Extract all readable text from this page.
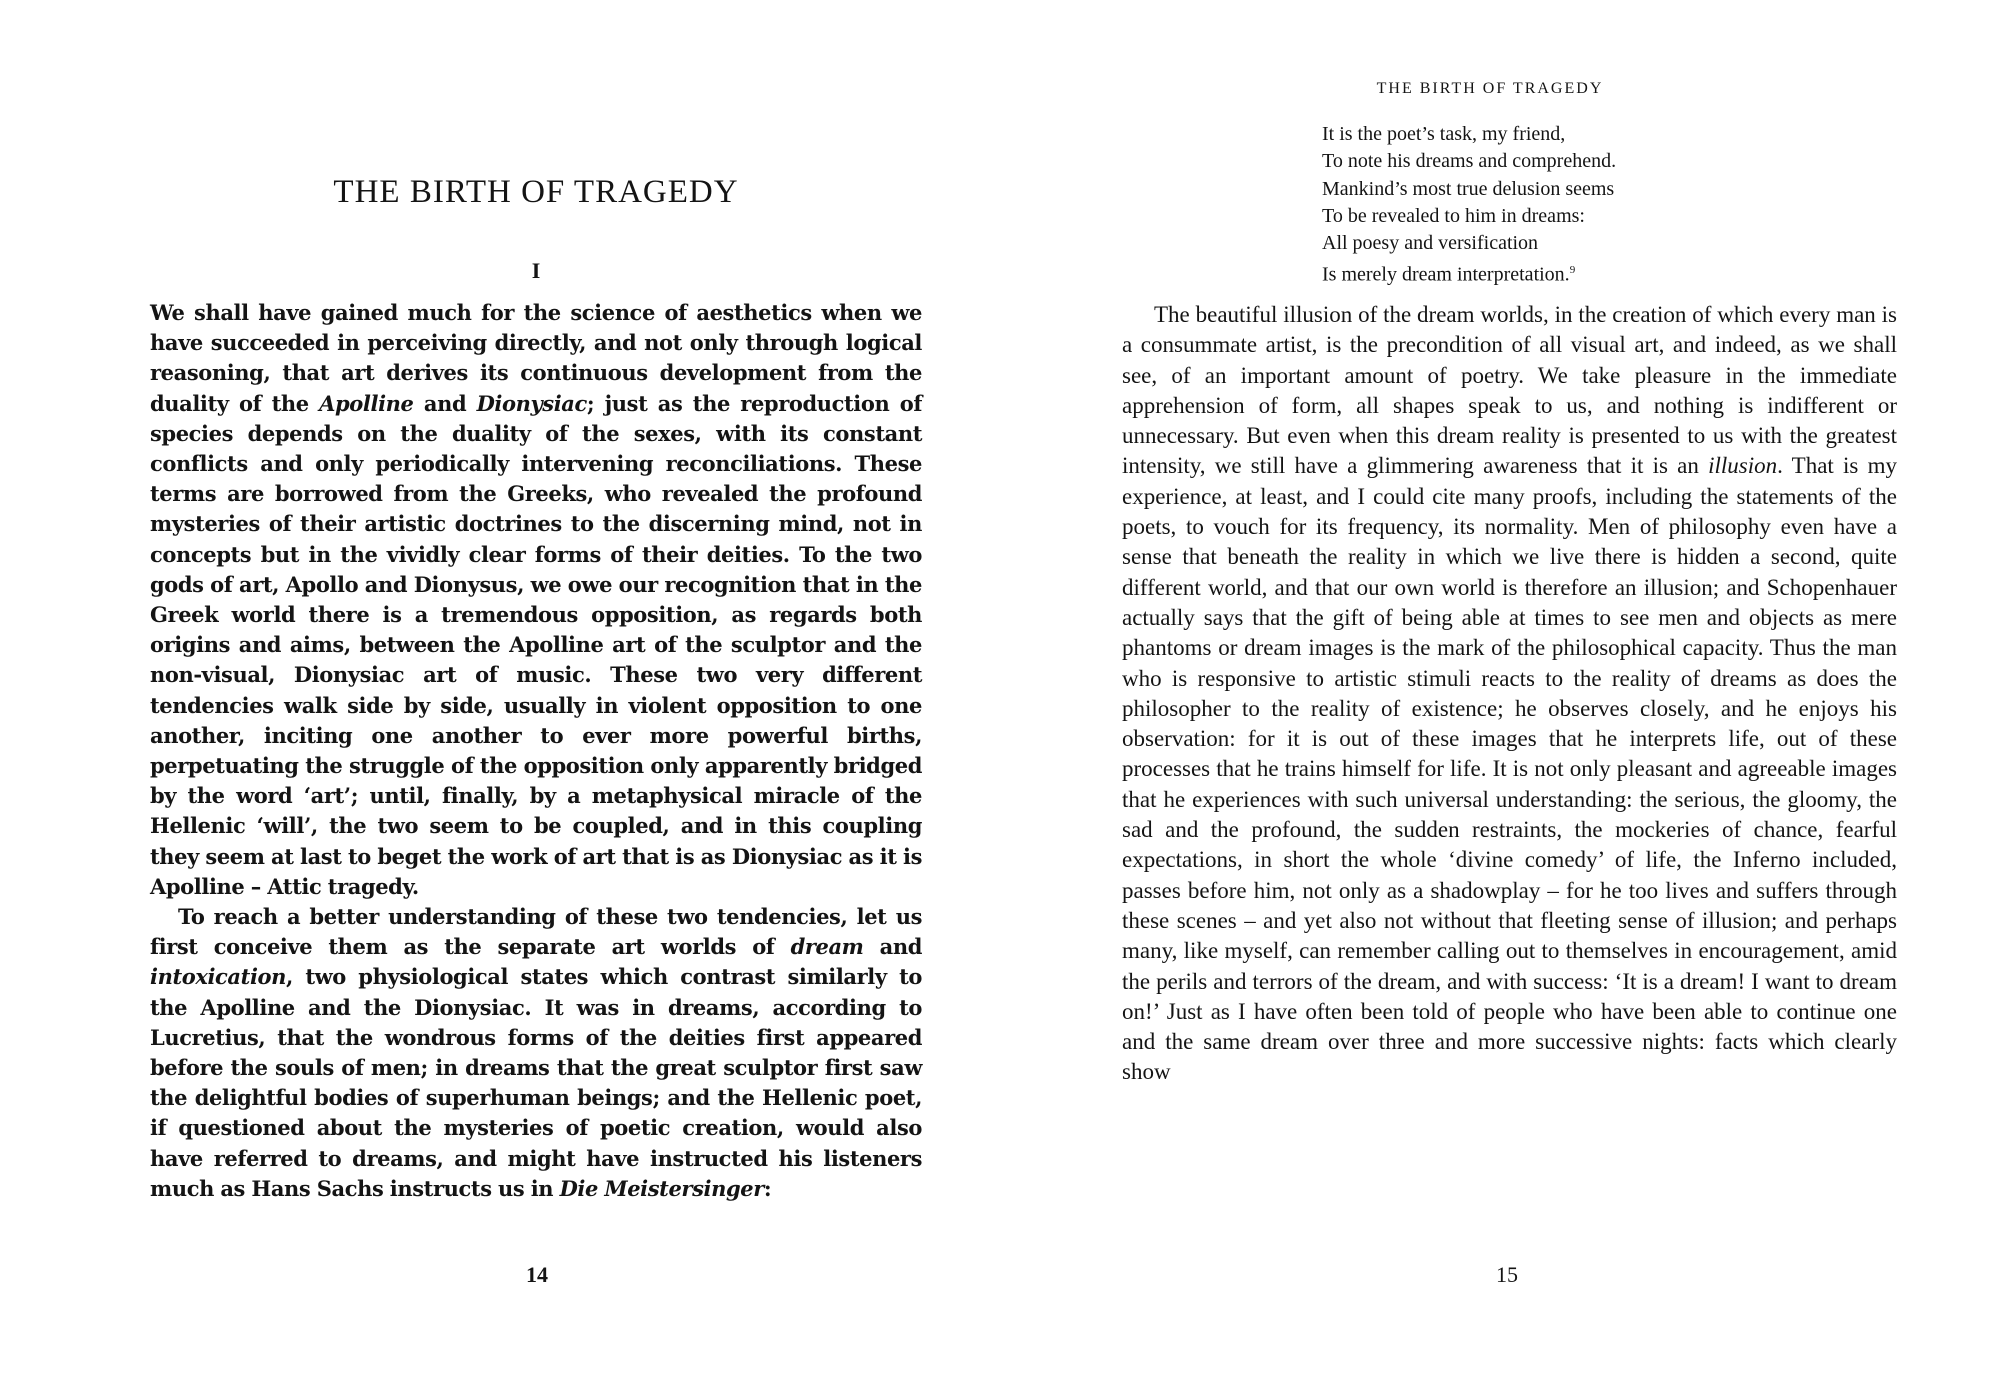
THE BIRTH OF TRAGEDY
I

We shall have gained much for the science of aesthetics when we have succeeded in perceiving directly, and not only through logical reasoning, that art derives its continuous development from the duality of the Apolline and Dionysiac; just as the reproduction of species depends on the duality of the sexes, with its constant conflicts and only periodically intervening reconciliations. These terms are borrowed from the Greeks, who revealed the profound mysteries of their artistic doctrines to the discerning mind, not in concepts but in the vividly clear forms of their deities. To the two gods of art, Apollo and Dionysus, we owe our recognition that in the Greek world there is a tremendous opposition, as regards both origins and aims, between the Apolline art of the sculptor and the non-visual, Dionysiac art of music. These two very different tendencies walk side by side, usually in violent opposition to one another, inciting one another to ever more powerful births, perpetuating the struggle of the opposition only apparently bridged by the word ‘art’; until, finally, by a metaphysical miracle of the Hellenic ‘will’, the two seem to be coupled, and in this coupling they seem at last to beget the work of art that is as Dionysiac as it is Apolline – Attic tragedy.

To reach a better understanding of these two tendencies, let us first conceive them as the separate art worlds of dream and intoxication, two physiological states which contrast similarly to the Apolline and the Dionysiac. It was in dreams, according to Lucretius, that the wondrous forms of the deities first appeared before the souls of men; in dreams that the great sculptor first saw the delightful bodies of superhuman beings; and the Hellenic poet, if questioned about the mysteries of poetic creation, would also have referred to dreams, and might have instructed his listeners much as Hans Sachs instructs us in Die Meistersinger:

14
THE BIRTH OF TRAGEDY
It is the poet’s task, my friend,
To note his dreams and comprehend.
Mankind’s most true delusion seems
To be revealed to him in dreams:
All poesy and versification
Is merely dream interpretation.$^9$

The beautiful illusion of the dream worlds, in the creation of which every man is a consummate artist, is the precondition of all visual art, and indeed, as we shall see, of an important amount of poetry. We take pleasure in the immediate apprehension of form, all shapes speak to us, and nothing is indifferent or unnecessary. But even when this dream reality is presented to us with the greatest intensity, we still have a glimmering awareness that it is an illusion. That is my experience, at least, and I could cite many proofs, including the statements of the poets, to vouch for its frequency, its normality. Men of philosophy even have a sense that beneath the reality in which we live there is hidden a second, quite different world, and that our own world is therefore an illusion; and Schopenhauer actually says that the gift of being able at times to see men and objects as mere phantoms or dream images is the mark of the philosophical capacity. Thus the man who is responsive to artistic stimuli reacts to the reality of dreams as does the philosopher to the reality of existence; he observes closely, and he enjoys his observation: for it is out of these images that he interprets life, out of these processes that he trains himself for life. It is not only pleasant and agreeable images that he experiences with such universal understanding: the serious, the gloomy, the sad and the profound, the sudden restraints, the mockeries of chance, fearful expectations, in short the whole ‘divine comedy’ of life, the Inferno included, passes before him, not only as a shadowplay – for he too lives and suffers through these scenes – and yet also not without that fleeting sense of illusion; and perhaps many, like myself, can remember calling out to themselves in encouragement, amid the perils and terrors of the dream, and with success: ‘It is a dream! I want to dream on!’ Just as I have often been told of people who have been able to continue one and the same dream over three and more successive nights: facts which clearly show

15
